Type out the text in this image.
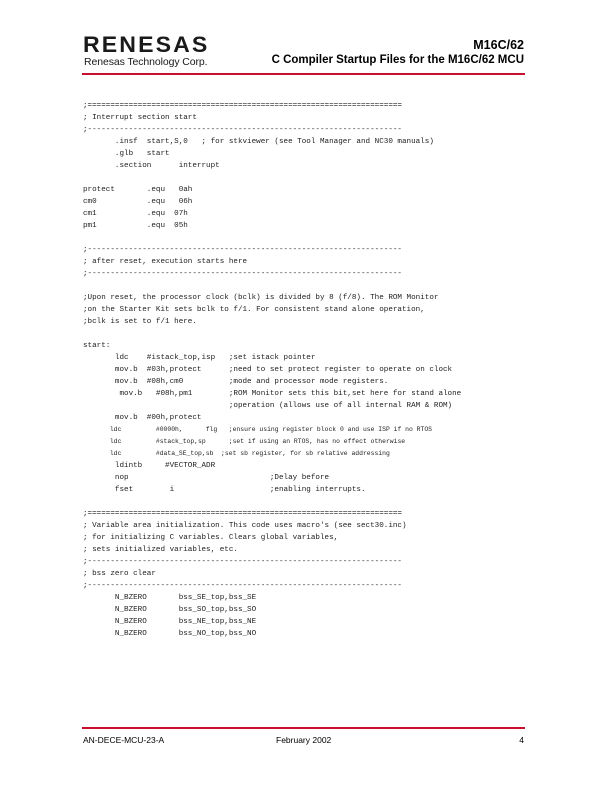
RENESAS
Renesas Technology Corp.
M16C/62
C Compiler Startup Files for the M16C/62 MCU
;=====================================================================
; Interrupt section start
;---------------------------------------------------------------------
.insf  start,S,0   ; for stkviewer (see Tool Manager and NC30 manuals)
.glb   start
.section      interrupt

protect       .equ   0ah
cm0           .equ   06h
cm1           .equ  07h
pm1           .equ  05h

;---------------------------------------------------------------------
; after reset, execution starts here
;---------------------------------------------------------------------

;Upon reset, the processor clock (bclk) is divided by 8 (f/8). The ROM Monitor
;on the Starter Kit sets bclk to f/1. For consistent stand alone operation,
;bclk is set to f/1 here.

start:
ldc    #istack_top,isp   ;set istack pointer
mov.b  #03h,protect      ;need to set protect register to operate on clock
mov.b  #08h,cm0          ;mode and processor mode registers.
mov.b   #08h,pm1        ;ROM Monitor sets this bit,set here for stand alone
;operation (allows use of all internal RAM & ROM)
mov.b  #00h,protect
ldc         #0000h,      flg   ;ensure using register block 0 and use ISP if no RTOS
ldc         #stack_top,sp      ;set if using an RTOS, has no effect otherwise
ldc         #data_SE_top,sb  ;set sb register, for sb relative addressing
ldintb     #VECTOR_ADR
nop                               ;Delay before
fset        i                     ;enabling interrupts.

;=====================================================================
; Variable area initialization. This code uses macro's (see sect30.inc)
; for initializing C variables. Clears global variables,
; sets initialized variables, etc.
;---------------------------------------------------------------------
; bss zero clear
;---------------------------------------------------------------------
N_BZERO       bss_SE_top,bss_SE
N_BZERO       bss_SO_top,bss_SO
N_BZERO       bss_NE_top,bss_NE
N_BZERO       bss_NO_top,bss_NO
AN-DECE-MCU-23-A	February 2002	4
